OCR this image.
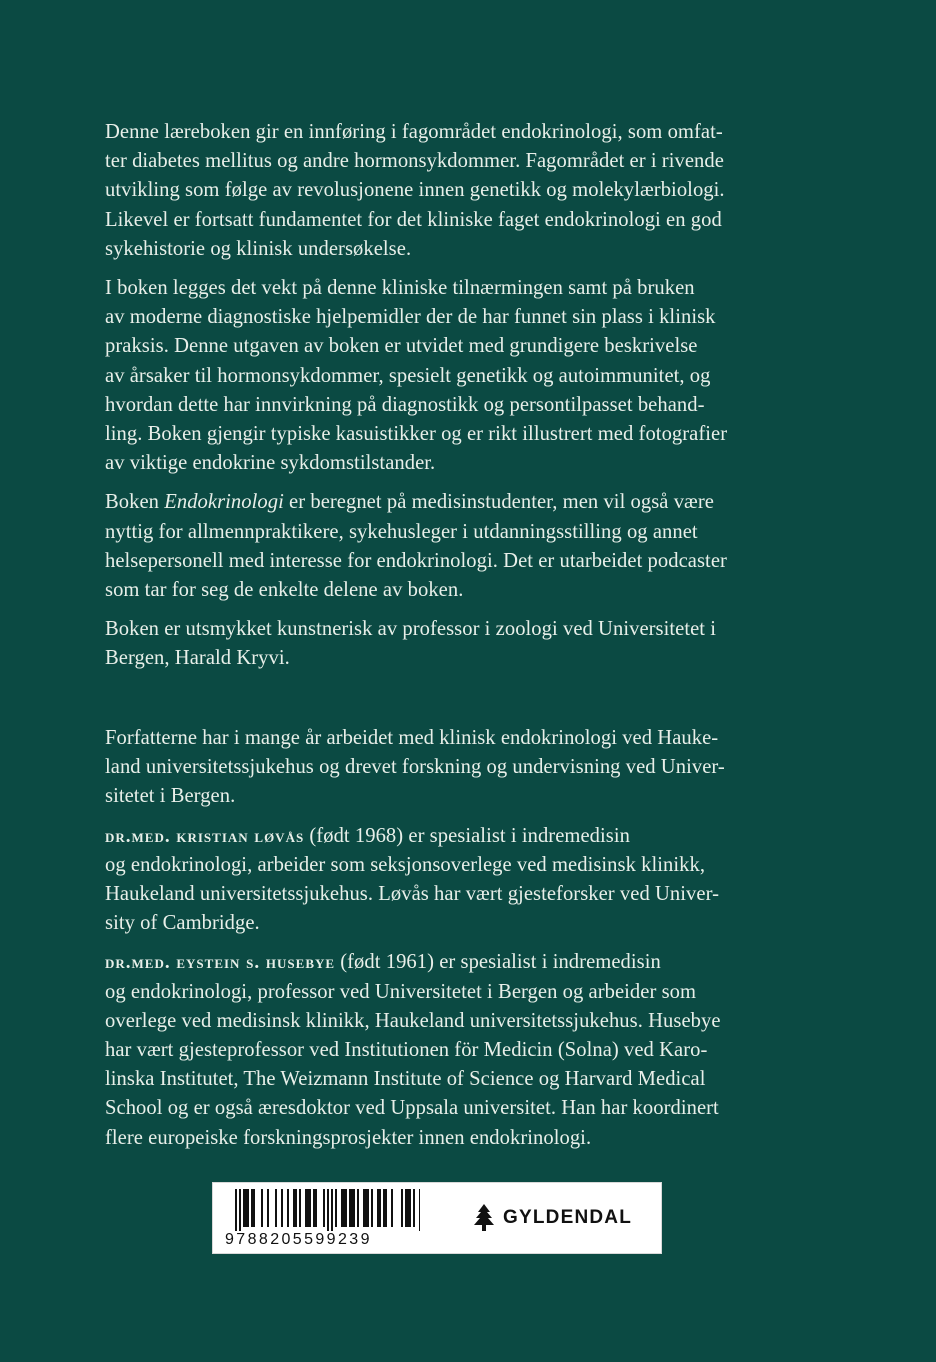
Denne læreboken gir en innføring i fagområdet endokrinologi, som omfat-
ter diabetes mellitus og andre hormonsykdommer. Fagområdet er i rivende
utvikling som følge av revolusjonene innen genetikk og molekylærbiologi.
Likevel er fortsatt fundamentet for det kliniske faget endokrinologi en god
sykehistorie og klinisk undersøkelse.

I boken legges det vekt på denne kliniske tilnærmingen samt på bruken
av moderne diagnostiske hjelpemidler der de har funnet sin plass i klinisk
praksis. Denne utgaven av boken er utvidet med grundigere beskrivelse
av årsaker til hormonsykdommer, spesielt genetikk og autoimmunitet, og
hvordan dette har innvirkning på diagnostikk og persontilpasset behand-
ling. Boken gjengir typiske kasuistikker og er rikt illustrert med fotografier
av viktige endokrine sykdomstilstander.

Boken Endokrinologi er beregnet på medisinstudenter, men vil også være
nyttig for allmennpraktikere, sykehusleger i utdanningsstilling og annet
helsepersonell med interesse for endokrinologi. Det er utarbeidet podcaster
som tar for seg de enkelte delene av boken.

Boken er utsmykket kunstnerisk av professor i zoologi ved Universitetet i
Bergen, Harald Kryvi.

Forfatterne har i mange år arbeidet med klinisk endokrinologi ved Hauke-
land universitetssjukehus og drevet forskning og undervisning ved Univer-
sitetet i Bergen.

dr.med. kristian løvås (født 1968) er spesialist i indremedisin
og endokrinologi, arbeider som seksjonsoverlege ved medisinsk klinikk,
Haukeland universitetssjukehus. Løvås har vært gjesteforsker ved Univer-
sity of Cambridge.

dr.med. eystein s. husebye (født 1961) er spesialist i indremedisin
og endokrinologi, professor ved Universitetet i Bergen og arbeider som
overlege ved medisinsk klinikk, Haukeland universitetssjukehus. Husebye
har vært gjesteprofessor ved Institutionen för Medicin (Solna) ved Karo-
linska Institutet, The Weizmann Institute of Science og Harvard Medical
School og er også æresdoktor ved Uppsala universitet. Han har koordinert
flere europeiske forskningsprosjekter innen endokrinologi.

9788205599239
GYLDENDAL
